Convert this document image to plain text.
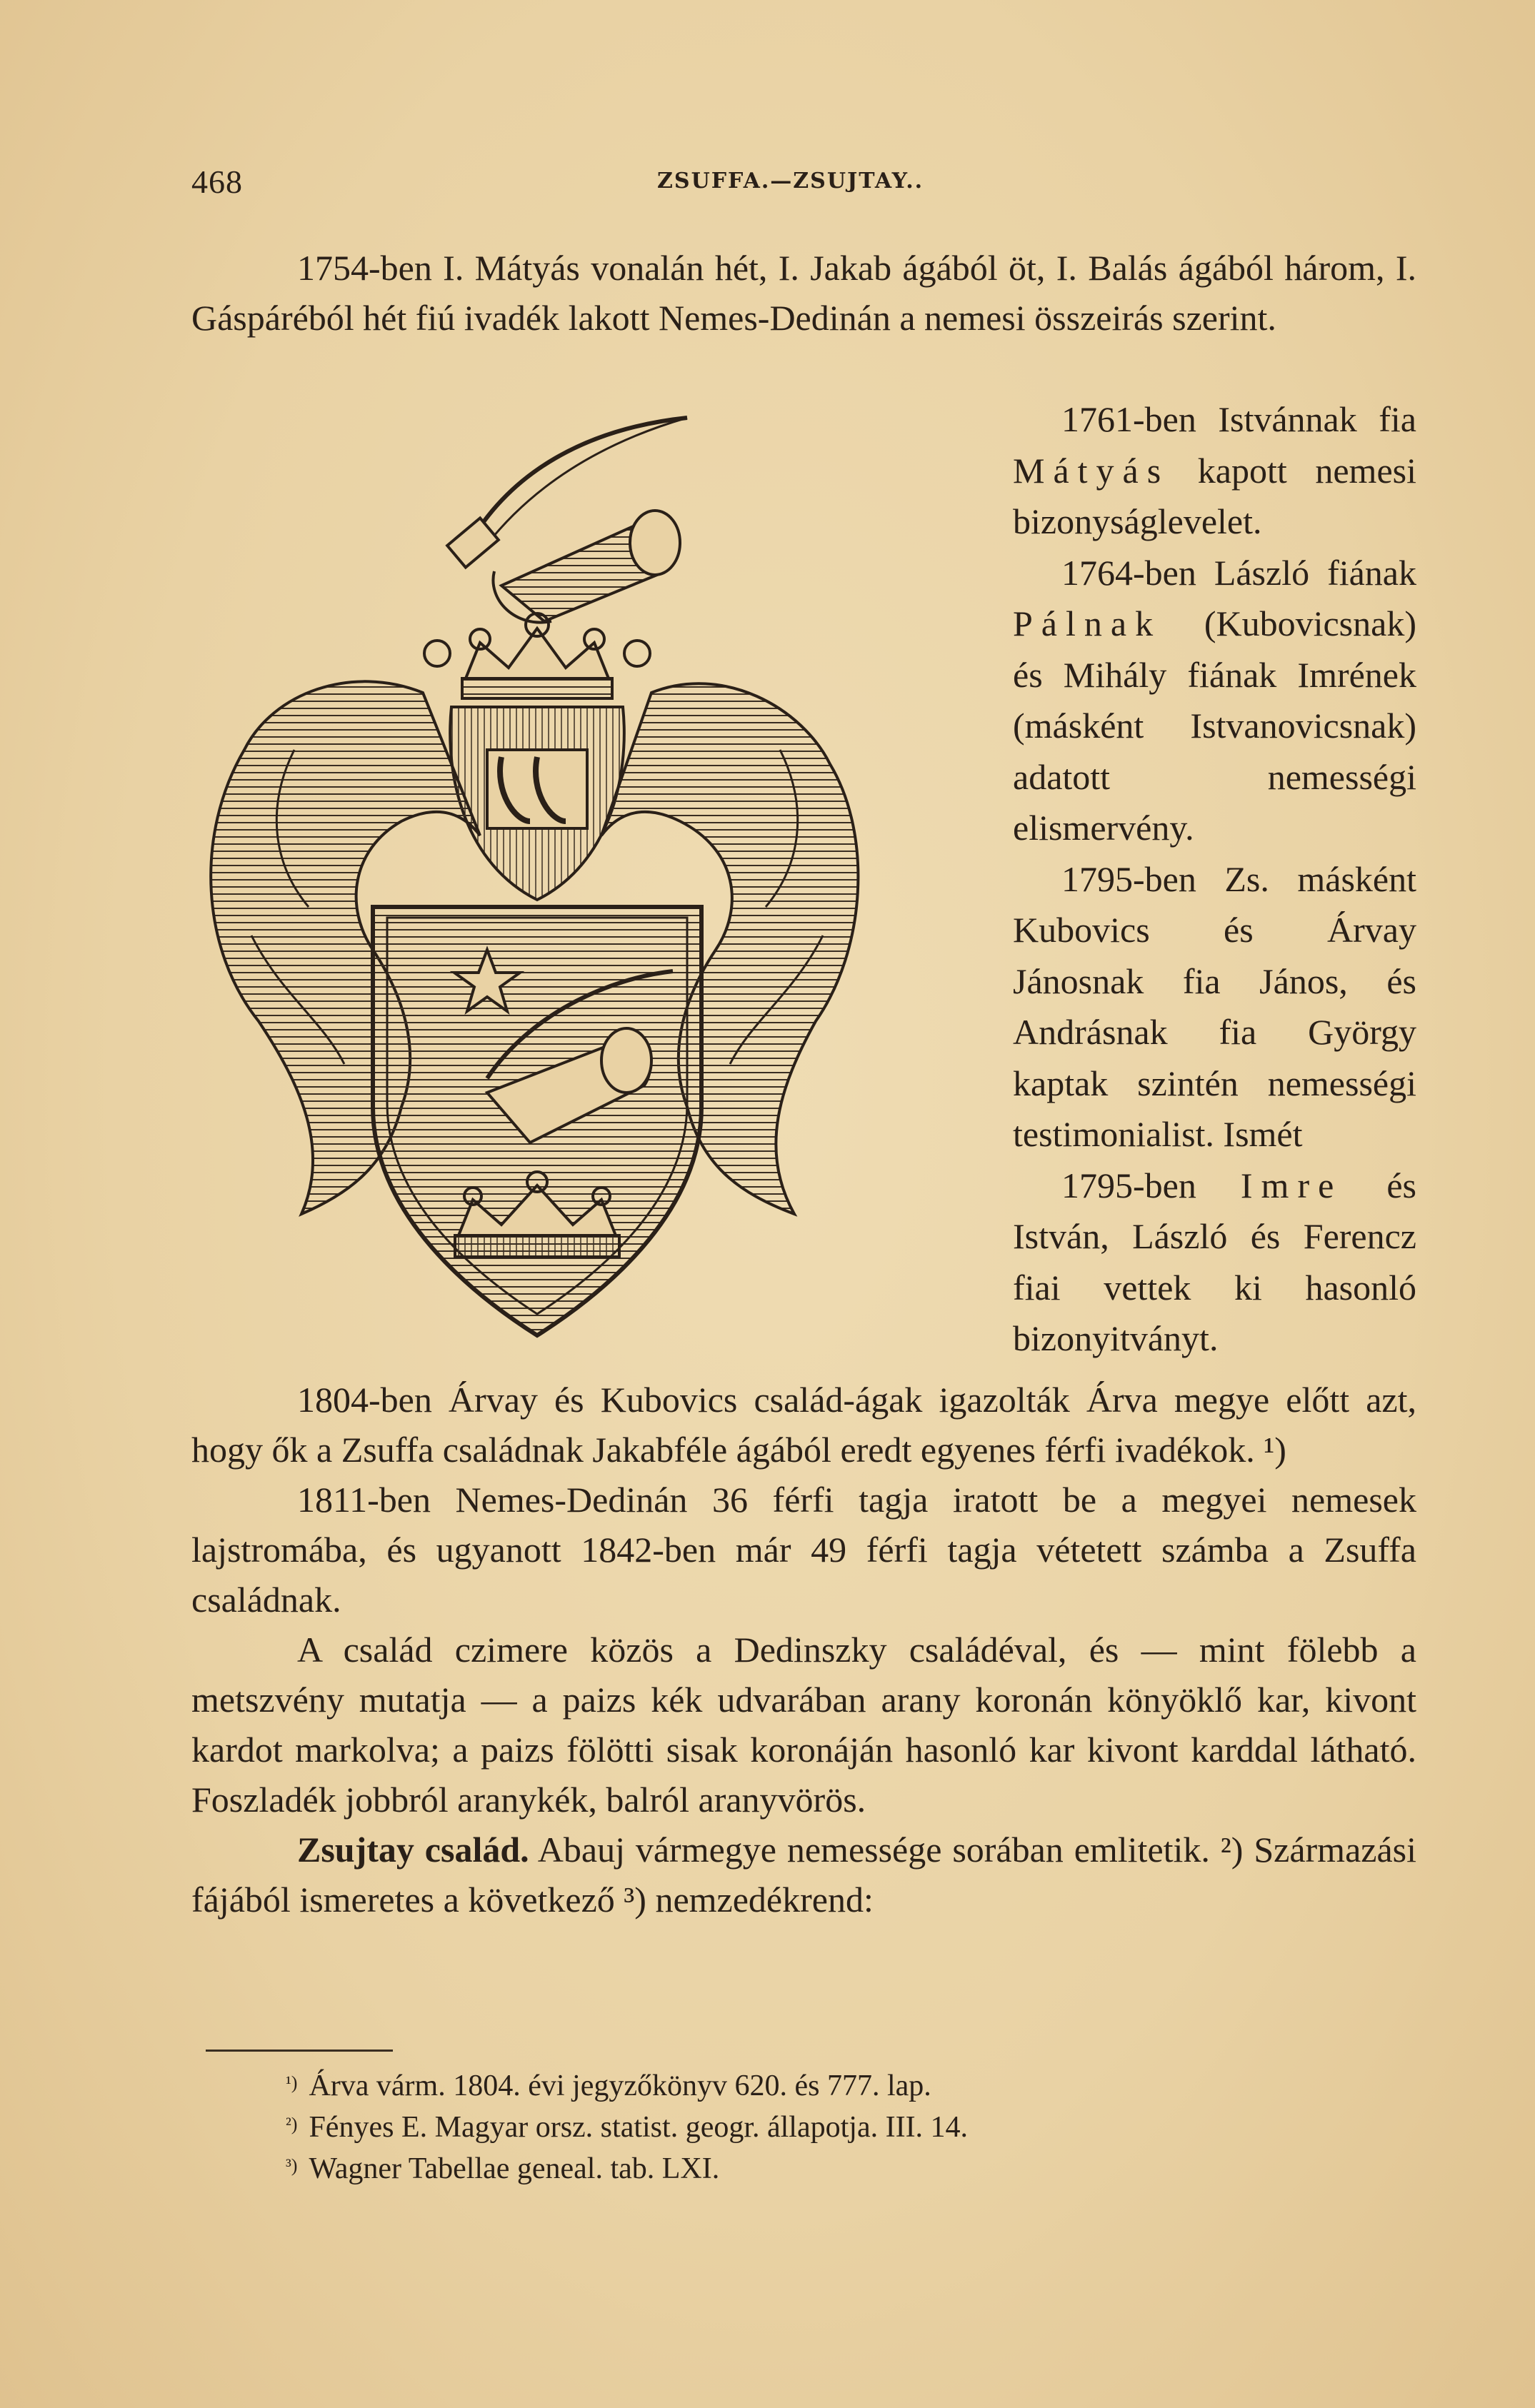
468	ZSUFFA.—ZSUJTAY..

1754-ben I. Mátyás vonalán hét, I. Jakab ágából öt, I. Balás ágából három, I. Gáspáréból hét fiú ivadék lakott Nemes-Dedinán a nemesi összeirás szerint.

1761-ben Istvánnak fia Mátyás kapott nemesi bizonyságlevelet.

1764-ben László fiának Pálnak (Kubovicsnak) és Mihály fiának Imrének (másként Istvanovicsnak) adatott nemességi elismervény.

1795-ben Zs. másként Kubovics és Árvay Jánosnak fia János, és Andrásnak fia György kaptak szintén nemességi testimonialist. Ismét

1795-ben Imre és István, László és Ferencz fiai vettek ki hasonló bizonyitványt.

1804-ben Árvay és Kubovics család-ágak igazolták Árva megye előtt azt, hogy ők a Zsuffa családnak Jakabféle ágából eredt egyenes férfi ivadékok. ¹)

1811-ben Nemes-Dedinán 36 férfi tagja iratott be a megyei nemesek lajstromába, és ugyanott 1842-ben már 49 férfi tagja vétetett számba a Zsuffa családnak.

A család czimere közös a Dedinszky családéval, és — mint fölebb a metszvény mutatja — a paizs kék udvarában arany koronán könyöklő kar, kivont kardot markolva; a paizs fölötti sisak koronáján hasonló kar kivont karddal látható. Foszladék jobbról aranykék, balról aranyvörös.

Zsujtay család. Abauj vármegye nemessége sorában emlitetik. ²) Származási fájából ismeretes a következő ³) nemzedékrend:

$^{^1)}$ Árva várm. 1804. évi jegyzőkönyv 620. és 777. lap.
$^{^2)}$ Fényes E. Magyar orsz. statist. geogr. állapotja. III. 14.
$^{^3)}$ Wagner Tabellae geneal. tab. LXI.
